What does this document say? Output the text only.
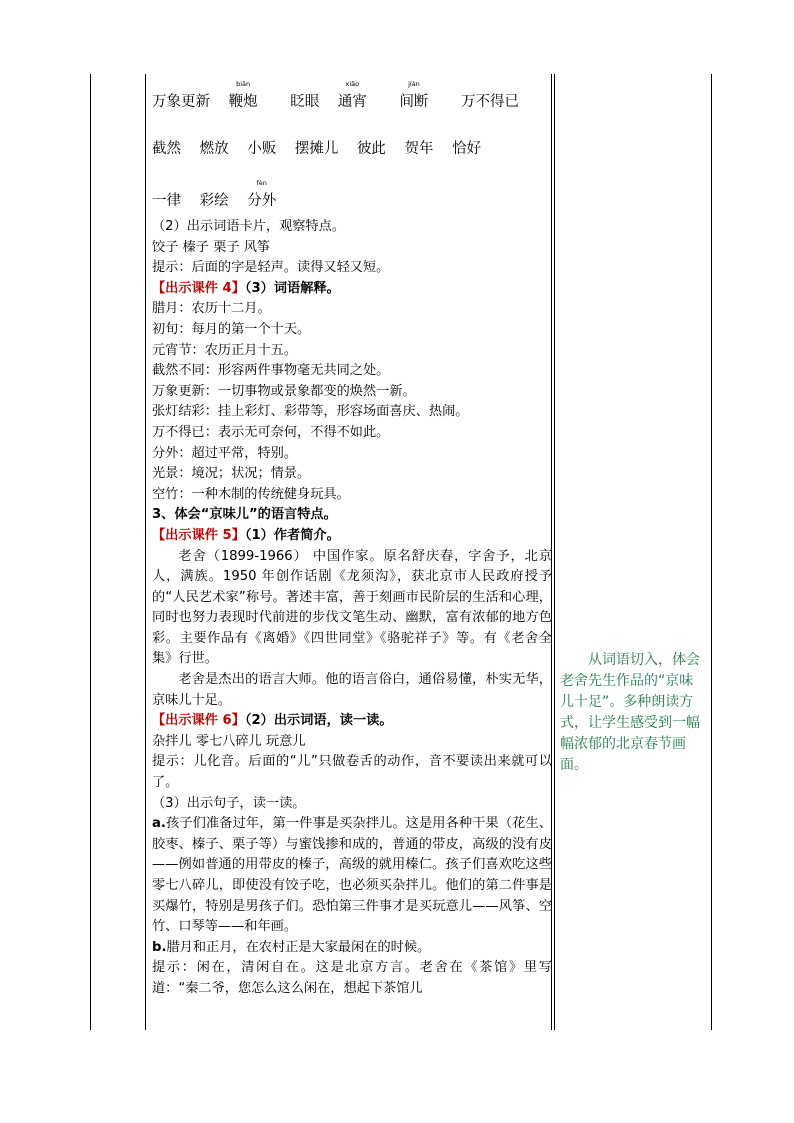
万象更新
biān
鞭炮 眨眼
xiāo
通宵
jiàn
间断 万不得已
截然 燃放 小贩 摆摊儿 彼此 贺年 恰好
一律 彩绘
fèn
分外

（2）出示词语卡片，观察特点。

饺子 榛子 栗子 风筝

提示：后面的字是轻声。读得又轻又短。

【出示课件 4】（3）词语解释。

腊月：农历十二月。

初旬：每月的第一个十天。

元宵节：农历正月十五。

截然不同：形容两件事物毫无共同之处。

万象更新：一切事物或景象都变的焕然一新。

张灯结彩：挂上彩灯、彩带等，形容场面喜庆、热闹。

万不得已：表示无可奈何，不得不如此。

分外：超过平常，特别。

光景：境况；状况；情景。

空竹：一种木制的传统健身玩具。

3、体会“京味儿”的语言特点。

【出示课件 5】（1）作者简介。

老舍（1899-1966） 中国作家。原名舒庆春，字舍予，北京人，满族。1950 年创作话剧《龙须沟》，获北京市人民政府授予的“人民艺术家”称号。著述丰富，善于刻画市民阶层的生活和心理，同时也努力表现时代前进的步伐文笔生动、幽默，富有浓郁的地方色彩。主要作品有《离婚》《四世同堂》《骆驼祥子》等。有《老舍全集》行世。

老舍是杰出的语言大师。他的语言俗白，通俗易懂，朴实无华，京味儿十足。

【出示课件 6】（2）出示词语，读一读。

杂拌儿 零七八碎儿 玩意儿

提示：儿化音。后面的“儿”只做卷舌的动作，音不要读出来就可以了。

（3）出示句子，读一读。

a.孩子们准备过年，第一件事是买杂拌儿。这是用各种干果（花生、胶枣、榛子、栗子等）与蜜饯掺和成的，普通的带皮，高级的没有皮——例如普通的用带皮的榛子，高级的就用榛仁。孩子们喜欢吃这些零七八碎儿，即使没有饺子吃，也必须买杂拌儿。他们的第二件事是买爆竹，特别是男孩子们。恐怕第三件事才是买玩意儿——风筝、空竹、口琴等——和年画。

b.腊月和正月，在农村正是大家最闲在的时候。

提示：闲在，清闲自在。这是北京方言。老舍在《茶馆》里写道：“秦二爷，您怎么这么闲在，想起下茶馆儿

从词语切入，体会老舍先生作品的“京味儿十足”。多种朗读方式，让学生感受到一幅幅浓郁的北京春节画面。
